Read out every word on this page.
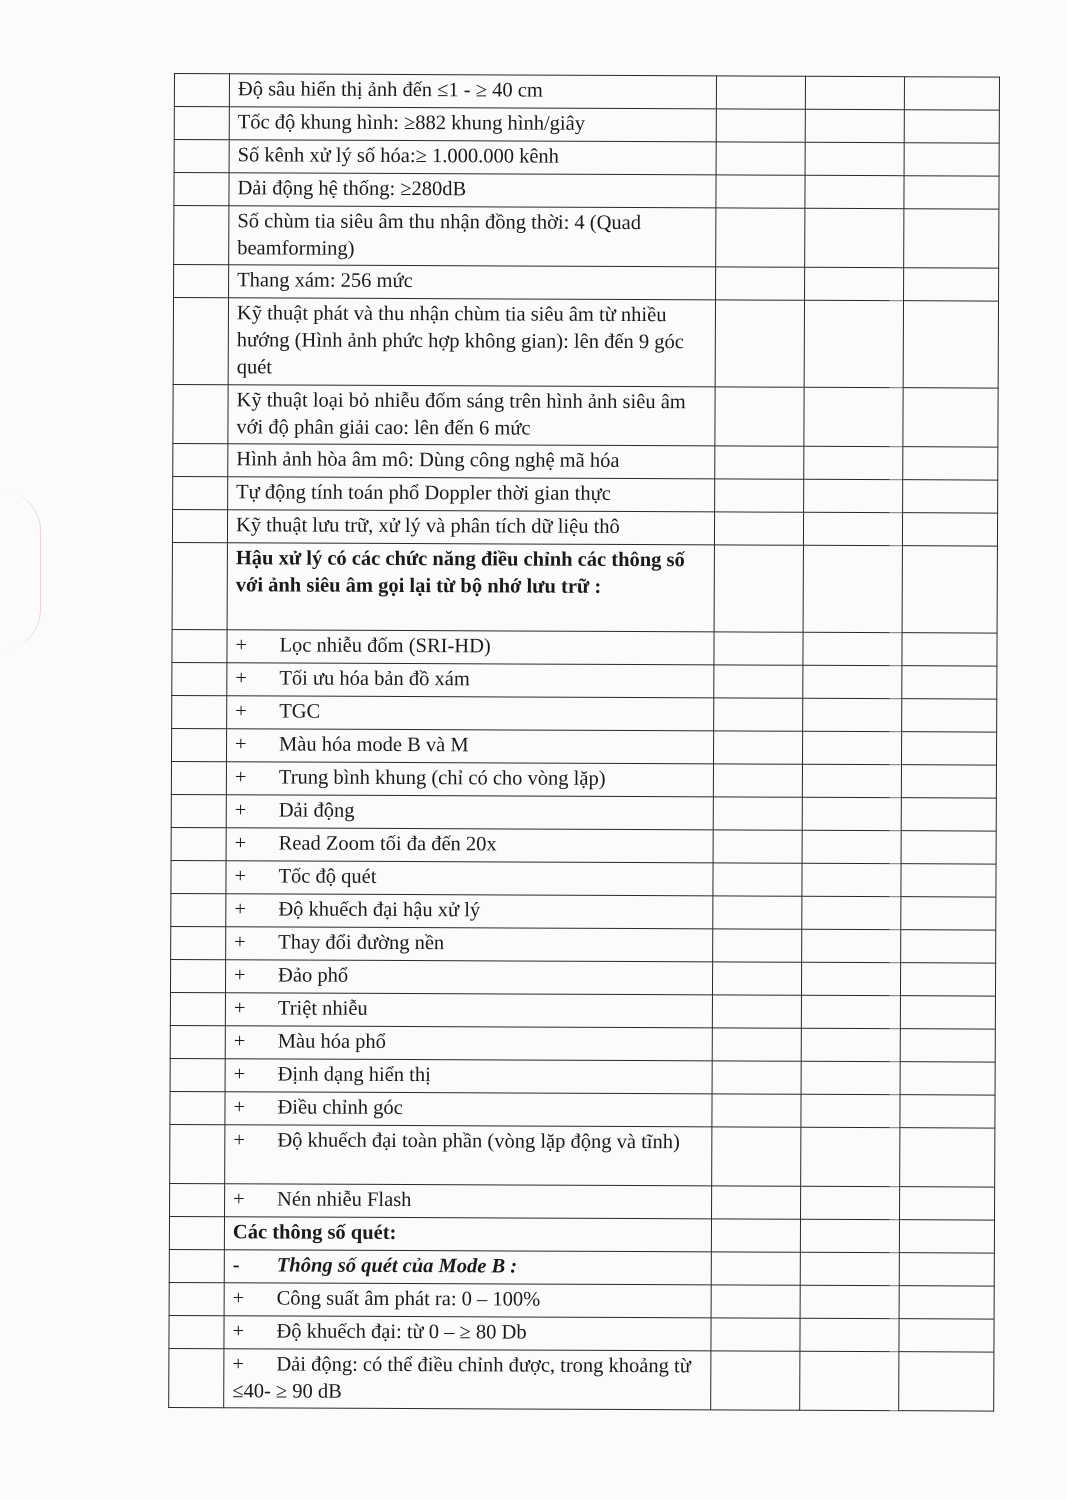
	Độ sâu hiển thị ảnh đến ≤1 - ≥ 40 cm			
	Tốc độ khung hình: ≥882 khung hình/giây			
	Số kênh xử lý số hóa:≥ 1.000.000 kênh			
	Dải động hệ thống: ≥280dB			
	Số chùm tia siêu âm thu nhận đồng thời: 4 (Quad beamforming)			
	Thang xám: 256 mức			
	Kỹ thuật phát và thu nhận chùm tia siêu âm từ nhiều hướng (Hình ảnh phức hợp không gian): lên đến 9 góc quét			
	Kỹ thuật loại bỏ nhiễu đốm sáng trên hình ảnh siêu âm với độ phân giải cao: lên đến 6 mức			
	Hình ảnh hòa âm mô: Dùng công nghệ mã hóa			
	Tự động tính toán phổ Doppler thời gian thực			
	Kỹ thuật lưu trữ, xử lý và phân tích dữ liệu thô			
	Hậu xử lý có các chức năng điều chỉnh các thông số với ảnh siêu âm gọi lại từ bộ nhớ lưu trữ :			
	+ Lọc nhiễu đốm (SRI-HD)			
	+ Tối ưu hóa bản đồ xám			
	+ TGC			
	+ Màu hóa mode B và M			
	+ Trung bình khung (chỉ có cho vòng lặp)			
	+ Dải động			
	+ Read Zoom tối đa đến 20x			
	+ Tốc độ quét			
	+ Độ khuếch đại hậu xử lý			
	+ Thay đổi đường nền			
	+ Đảo phổ			
	+ Triệt nhiễu			
	+ Màu hóa phổ			
	+ Định dạng hiển thị			
	+ Điều chỉnh góc			
	+ Độ khuếch đại toàn phần (vòng lặp động và tĩnh)			
	+ Nén nhiễu Flash			
	Các thông số quét:			
	- Thông số quét của Mode B :			
	+ Công suất âm phát ra: 0 – 100%			
	+ Độ khuếch đại: từ 0 – ≥ 80 Db			
	+ Dải động: có thể điều chỉnh được, trong khoảng từ ≤40- ≥ 90 dB			
